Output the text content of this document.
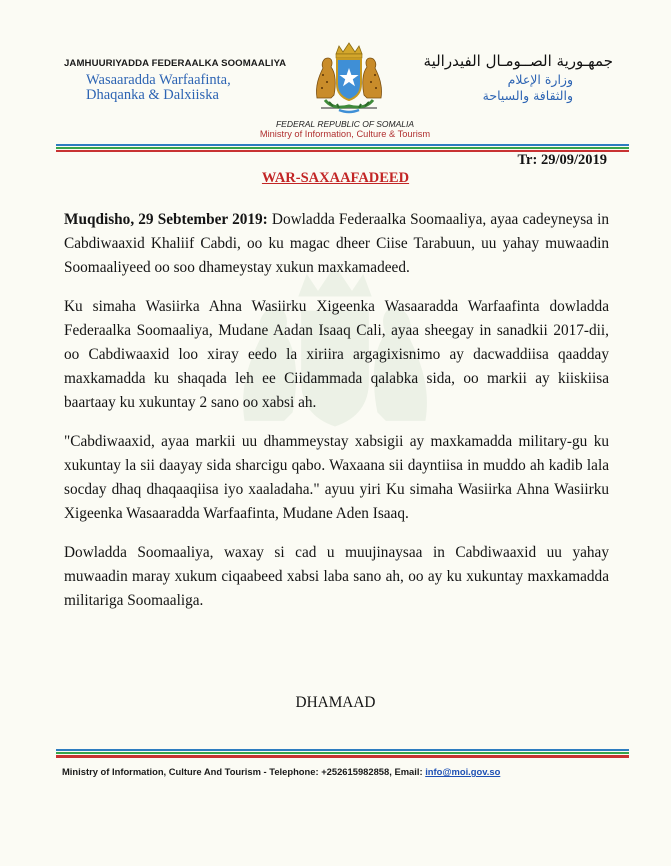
JAMHUURIYADDA FEDERAALKA SOOMAALIYA
Wasaaradda Warfaafinta,
Dhaqanka & Dalxiiska
جمهـورية الصــومـال الفيدرالية
وزارة الإعلام
والثقافة والسياحة
FEDERAL REPUBLIC OF SOMALIA
Ministry of Information, Culture & Tourism
Tr: 29/09/2019
WAR-SAXAAFADEED

Muqdisho, 29 Sebtember 2019: Dowladda Federaalka Soomaaliya, ayaa cadeyneysa in Cabdiwaaxid Khaliif Cabdi, oo ku magac dheer Ciise Tarabuun, uu yahay muwaadin Soomaaliyeed oo soo dhameystay xukun maxkamadeed.

Ku simaha Wasiirka Ahna Wasiirku Xigeenka Wasaaradda Warfaafinta dowladda Federaalka Soomaaliya, Mudane Aadan Isaaq Cali, ayaa sheegay in sanadkii 2017-dii, oo Cabdiwaaxid loo xiray eedo la xiriira argagixisnimo ay dacwaddiisa qaadday maxkamadda ku shaqada leh ee Ciidammada qalabka sida, oo markii ay kiiskiisa baartaay ku xukuntay 2 sano oo xabsi ah.

"Cabdiwaaxid, ayaa markii uu dhammeystay xabsigii ay maxkamadda military-gu ku xukuntay la sii daayay sida sharcigu qabo. Waxaana sii dayntiisa in muddo ah kadib lala socday dhaq dhaqaaqiisa iyo xaaladaha." ayuu yiri Ku simaha Wasiirka Ahna Wasiirku Xigeenka Wasaaradda Warfaafinta, Mudane Aden Isaaq.

Dowladda Soomaaliya, waxay si cad u muujinaysaa in Cabdiwaaxid uu yahay muwaadin maray xukum ciqaabeed xabsi laba sano ah, oo ay ku xukuntay maxkamadda militariga Soomaaliga.

DHAMAAD
Ministry of Information, Culture And Tourism - Telephone: +252615982858, Email: info@moi.gov.so
